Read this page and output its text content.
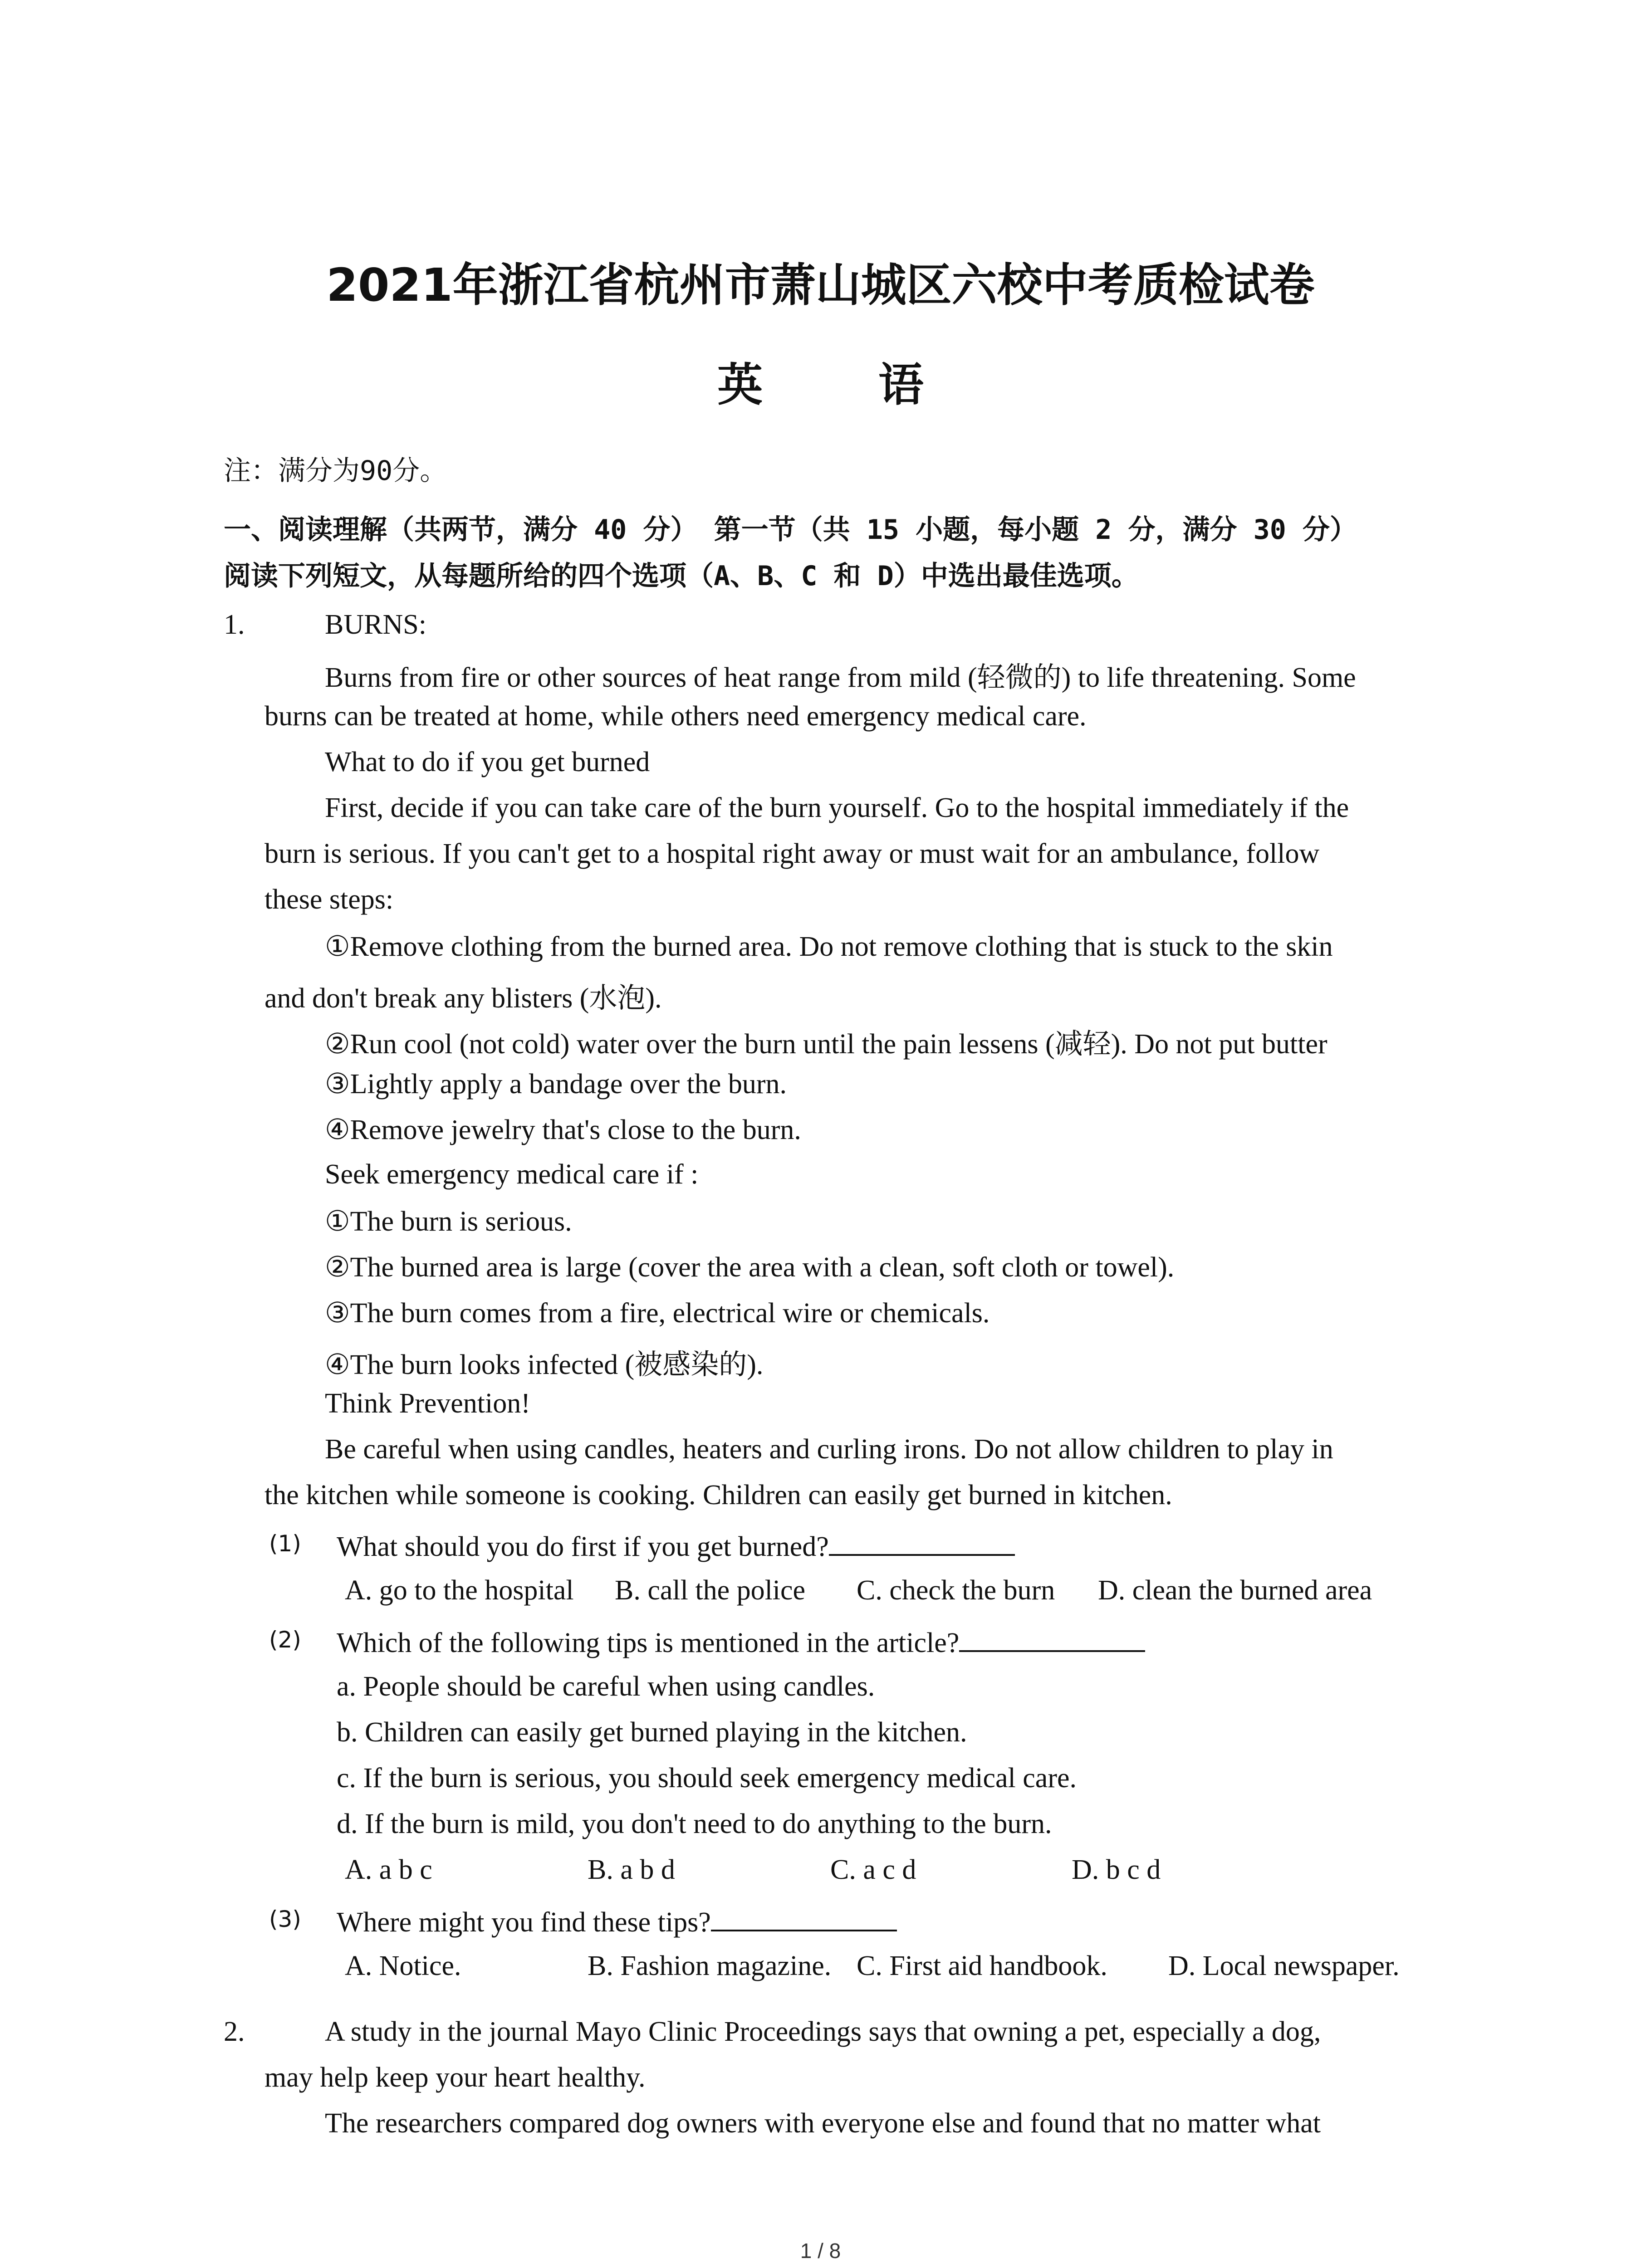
2021年浙江省杭州市萧山城区六校中考质检试卷
英 语
注：满分为90分。
一、阅读理解（共两节，满分 40 分） 第一节（共 15 小题，每小题 2 分，满分 30 分）
阅读下列短文，从每题所给的四个选项（A、B、C 和 D）中选出最佳选项。
1.	BURNS:
Burns from fire or other sources of heat range from mild (轻微的) to life threatening. Some
burns can be treated at home, while others need emergency medical care.
What to do if you get burned
First, decide if you can take care of the burn yourself. Go to the hospital immediately if the
burn is serious. If you can't get to a hospital right away or must wait for an ambulance, follow
these steps:
①Remove clothing from the burned area. Do not remove clothing that is stuck to the skin
and don't break any blisters (水泡).
②Run cool (not cold) water over the burn until the pain lessens (减轻). Do not put butter
③Lightly apply a bandage over the burn.
④Remove jewelry that's close to the burn.
Seek emergency medical care if :
①The burn is serious.
②The burned area is large (cover the area with a clean, soft cloth or towel).
③The burn comes from a fire, electrical wire or chemicals.
④The burn looks infected (被感染的).
Think Prevention!
Be careful when using candles, heaters and curling irons. Do not allow children to play in
the kitchen while someone is cooking. Children can easily get burned in kitchen.
(1) What should you do first if you get burned?
A. go to the hospital B. call the police C. check the burn D. clean the burned area
(2) Which of the following tips is mentioned in the article?
a. People should be careful when using candles.
b. Children can easily get burned playing in the kitchen.
c. If the burn is serious, you should seek emergency medical care.
d. If the burn is mild, you don't need to do anything to the burn.
A. a b c	B. a b d	C. a c d	D. b c d
(3) Where might you find these tips?
A. Notice.	B. Fashion magazine. C. First aid handbook. D. Local newspaper.
2.	A study in the journal Mayo Clinic Proceedings says that owning a pet, especially a dog,
may help keep your heart healthy.
The researchers compared dog owners with everyone else and found that no matter what
1 / 8
